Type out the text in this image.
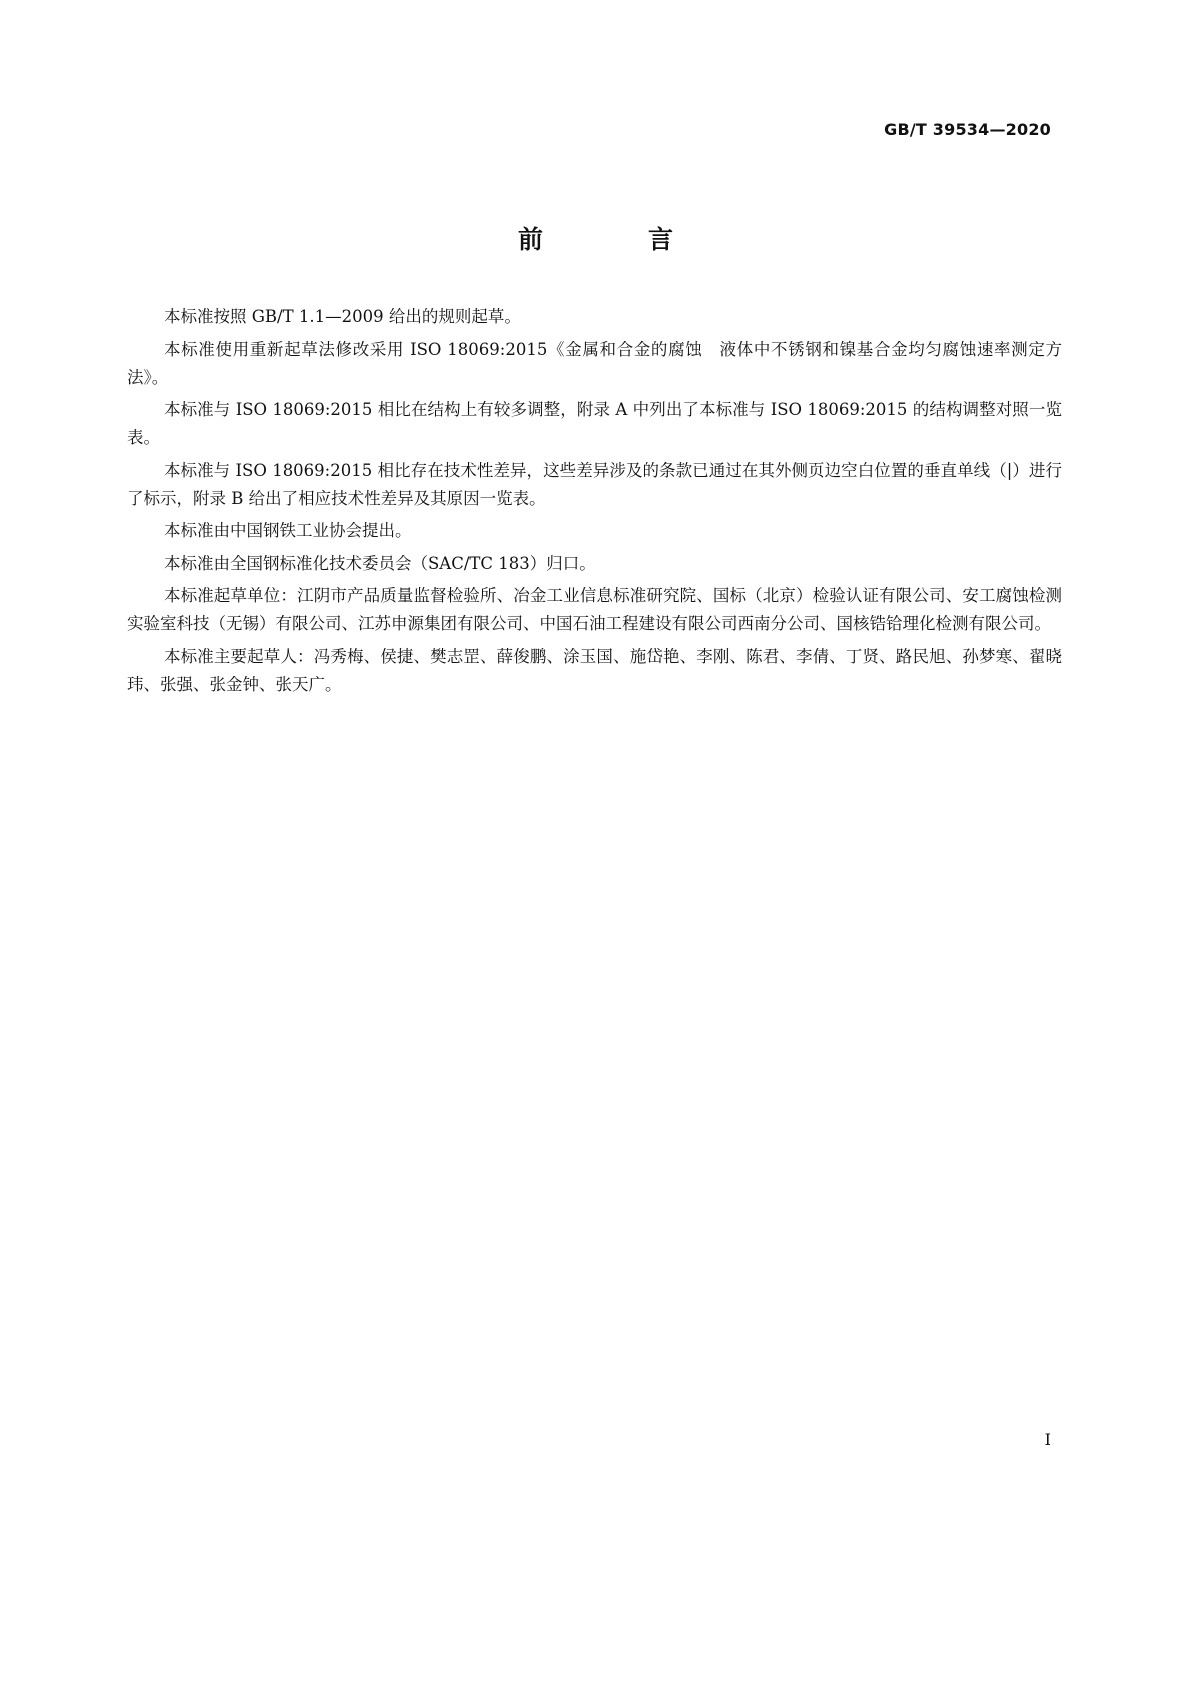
GB/T 39534—2020
前　言

本标准按照 GB/T 1.1—2009 给出的规则起草。

本标准使用重新起草法修改采用 ISO 18069:2015《金属和合金的腐蚀　液体中不锈钢和镍基合金均匀腐蚀速率测定方法》。

本标准与 ISO 18069:2015 相比在结构上有较多调整，附录 A 中列出了本标准与 ISO 18069:2015 的结构调整对照一览表。

本标准与 ISO 18069:2015 相比存在技术性差异，这些差异涉及的条款已通过在其外侧页边空白位置的垂直单线（|）进行了标示，附录 B 给出了相应技术性差异及其原因一览表。

本标准由中国钢铁工业协会提出。

本标准由全国钢标准化技术委员会（SAC/TC 183）归口。

本标准起草单位：江阴市产品质量监督检验所、冶金工业信息标准研究院、国标（北京）检验认证有限公司、安工腐蚀检测实验室科技（无锡）有限公司、江苏申源集团有限公司、中国石油工程建设有限公司西南分公司、国核锆铪理化检测有限公司。

本标准主要起草人：冯秀梅、侯捷、樊志罡、薛俊鹏、涂玉国、施岱艳、李刚、陈君、李倩、丁贤、路民旭、孙梦寒、翟晓玮、张强、张金钟、张天广。

I
